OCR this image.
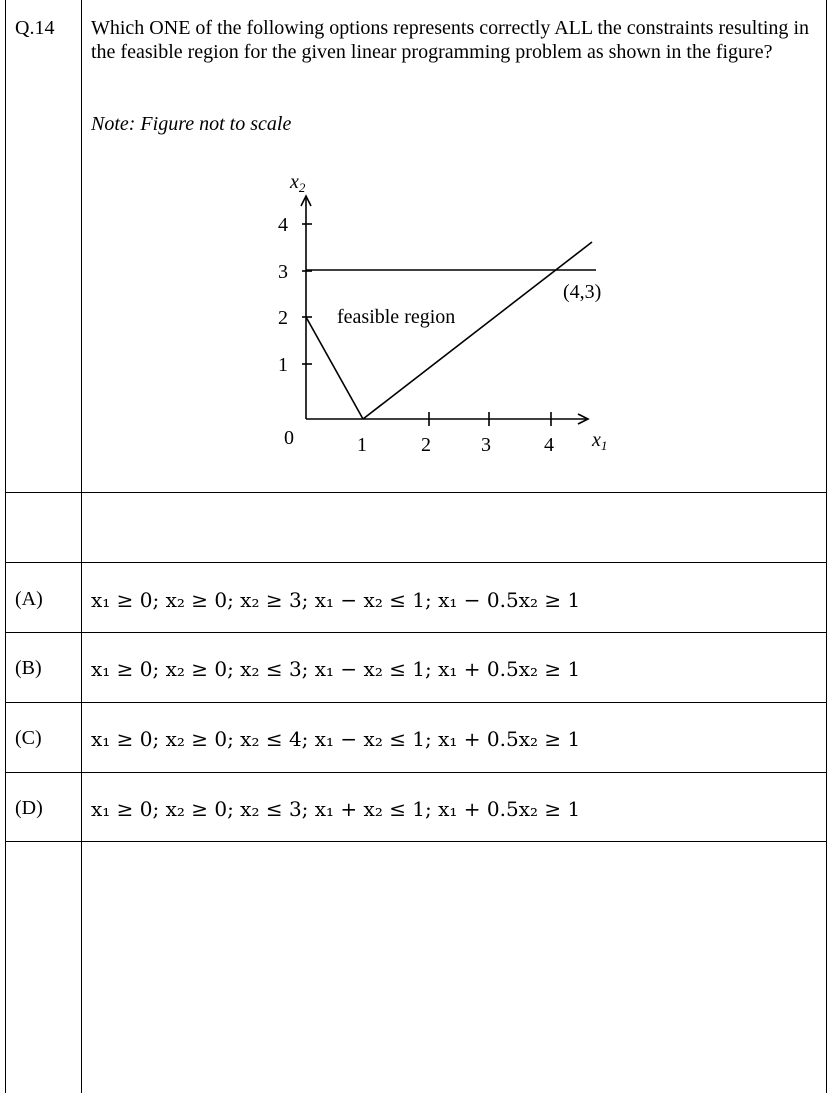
Q.14 Which ONE of the following options represents correctly ALL the constraints resulting in the feasible region for the given linear programming problem as shown in the figure?
Note: Figure not to scale
$x_2$
4
3
2
1
0	1	2	3	4 $x_1$
feasible region
(4,3)
(A) x₁ ≥ 0; x₂ ≥ 0; x₂ ≥ 3; x₁ − x₂ ≤ 1; x₁ − 0.5x₂ ≥ 1
(B) x₁ ≥ 0; x₂ ≥ 0; x₂ ≤ 3; x₁ − x₂ ≤ 1; x₁ + 0.5x₂ ≥ 1
(C) x₁ ≥ 0; x₂ ≥ 0; x₂ ≤ 4; x₁ − x₂ ≤ 1; x₁ + 0.5x₂ ≥ 1
(D) x₁ ≥ 0; x₂ ≥ 0; x₂ ≤ 3; x₁ + x₂ ≤ 1; x₁ + 0.5x₂ ≥ 1
